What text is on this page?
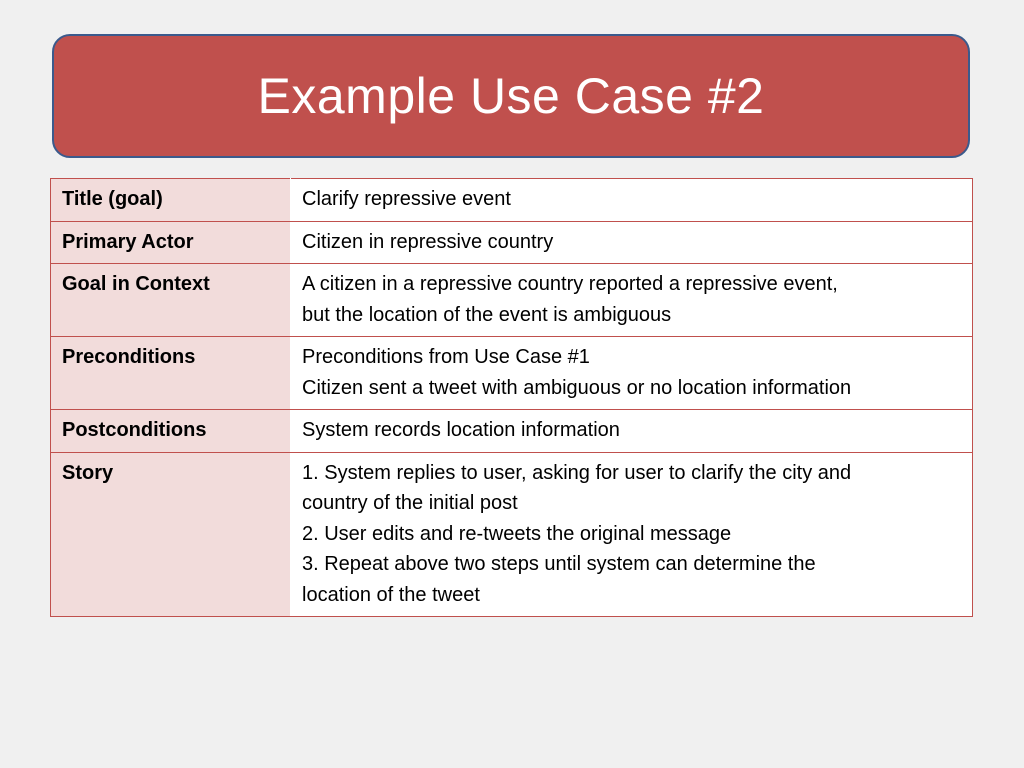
Example Use Case #2
Title (goal)	Clarify repressive event

Primary Actor	Citizen in repressive country

Goal in Context	A citizen in a repressive country reported a repressive event,
but the location of the event is ambiguous

Preconditions	Preconditions from Use Case #1
Citizen sent a tweet with ambiguous or no location information

Postconditions	System records location information

Story	1. System replies to user, asking for user to clarify the city and
country of the initial post
2. User edits and re-tweets the original message
3. Repeat above two steps until system can determine the
location of the tweet
